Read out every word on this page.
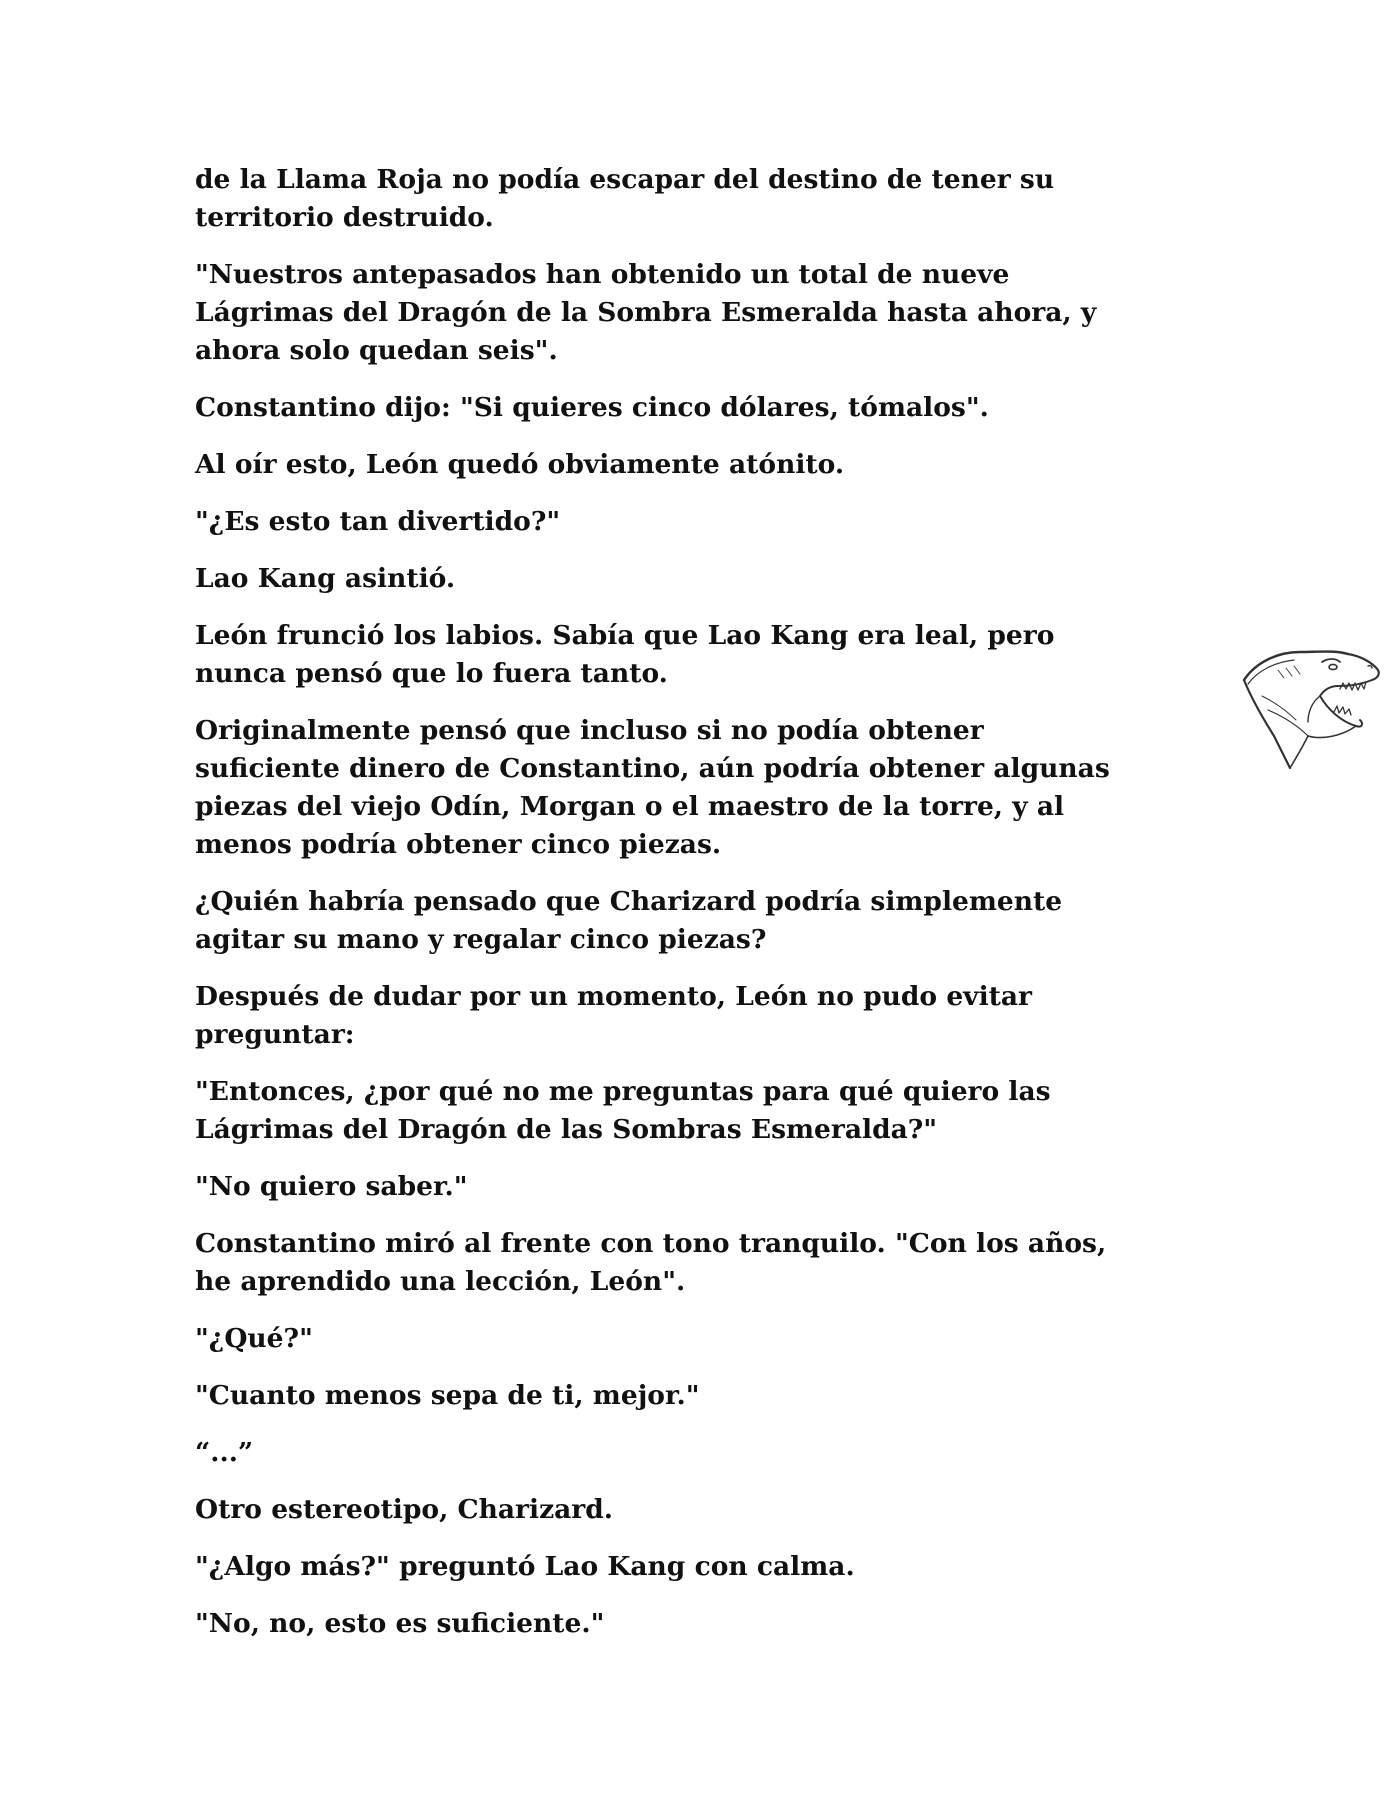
de la Llama Roja no podía escapar del destino de tener su
territorio destruido.

"Nuestros antepasados han obtenido un total de nueve
Lágrimas del Dragón de la Sombra Esmeralda hasta ahora, y
ahora solo quedan seis".

Constantino dijo: "Si quieres cinco dólares, tómalos".

Al oír esto, León quedó obviamente atónito.

"¿Es esto tan divertido?"

Lao Kang asintió.

León frunció los labios. Sabía que Lao Kang era leal, pero
nunca pensó que lo fuera tanto.

Originalmente pensó que incluso si no podía obtener
suficiente dinero de Constantino, aún podría obtener algunas
piezas del viejo Odín, Morgan o el maestro de la torre, y al
menos podría obtener cinco piezas.

¿Quién habría pensado que Charizard podría simplemente
agitar su mano y regalar cinco piezas?

Después de dudar por un momento, León no pudo evitar
preguntar:

"Entonces, ¿por qué no me preguntas para qué quiero las
Lágrimas del Dragón de las Sombras Esmeralda?"

"No quiero saber."

Constantino miró al frente con tono tranquilo. "Con los años,
he aprendido una lección, León".

"¿Qué?"

"Cuanto menos sepa de ti, mejor."

“...”

Otro estereotipo, Charizard.

"¿Algo más?" preguntó Lao Kang con calma.

"No, no, esto es suficiente."
